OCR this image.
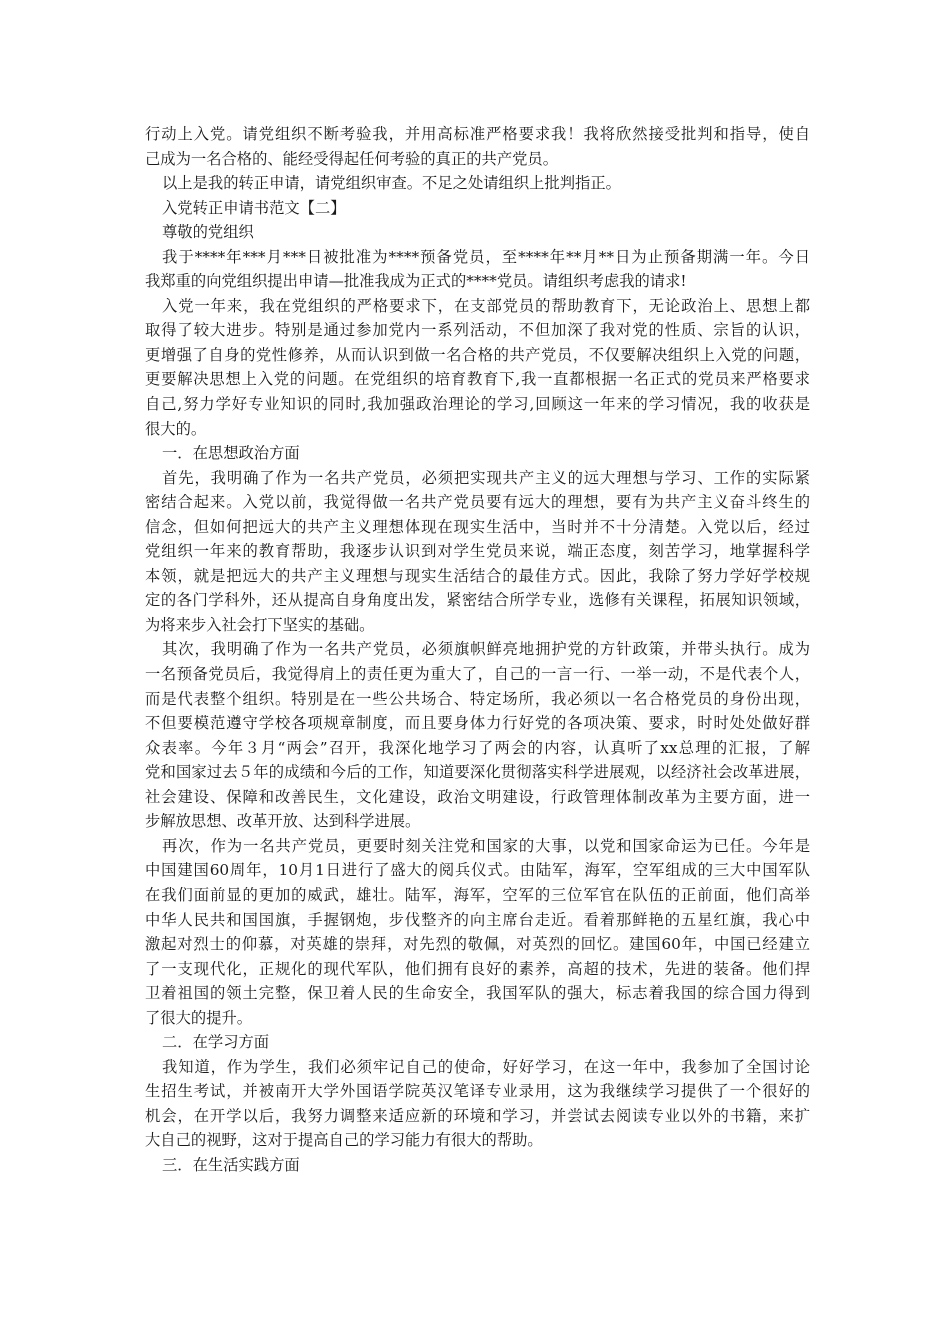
行动上入党。请党组织不断考验我，并用高标准严格要求我！我将欣然接受批判和指导，使自
己成为一名合格的、能经受得起任何考验的真正的共产党员。
以上是我的转正申请，请党组织审查。不足之处请组织上批判指正。
入党转正申请书范文【二】
尊敬的党组织
我于****年***月***日被批准为****预备党员，至****年**月**日为止预备期满一年。今日
我郑重的向党组织提出申请—批准我成为正式的****党员。请组织考虑我的请求!
入党一年来，我在党组织的严格要求下，在支部党员的帮助教育下，无论政治上、思想上都
取得了较大进步。特别是通过参加党内一系列活动，不但加深了我对党的性质、宗旨的认识，
更增强了自身的党性修养，从而认识到做一名合格的共产党员，不仅要解决组织上入党的问题，
更要解决思想上入党的问题。在党组织的培育教育下,我一直都根据一名正式的党员来严格要求
自己,努力学好专业知识的同时,我加强政治理论的学习,回顾这一年来的学习情况，我的收获是
很大的。
一．在思想政治方面
首先，我明确了作为一名共产党员，必须把实现共产主义的远大理想与学习、工作的实际紧
密结合起来。入党以前，我觉得做一名共产党员要有远大的理想，要有为共产主义奋斗终生的
信念，但如何把远大的共产主义理想体现在现实生活中，当时并不十分清楚。入党以后，经过
党组织一年来的教育帮助，我逐步认识到对学生党员来说，端正态度，刻苦学习，地掌握科学
本领，就是把远大的共产主义理想与现实生活结合的最佳方式。因此，我除了努力学好学校规
定的各门学科外，还从提高自身角度出发，紧密结合所学专业，选修有关课程，拓展知识领域，
为将来步入社会打下坚实的基础。
其次，我明确了作为一名共产党员，必须旗帜鲜亮地拥护党的方针政策，并带头执行。成为
一名预备党员后，我觉得肩上的责任更为重大了，自己的一言一行、一举一动，不是代表个人，
而是代表整个组织。特别是在一些公共场合、特定场所，我必须以一名合格党员的身份出现，
不但要模范遵守学校各项规章制度，而且要身体力行好党的各项决策、要求，时时处处做好群
众表率。今年３月“两会”召开，我深化地学习了两会的内容，认真听了xx总理的汇报，了解
党和国家过去５年的成绩和今后的工作，知道要深化贯彻落实科学进展观，以经济社会改革进展，
社会建设、保障和改善民生，文化建设，政治文明建设，行政管理体制改革为主要方面，进一
步解放思想、改革开放、达到科学进展。
再次，作为一名共产党员，更要时刻关注党和国家的大事，以党和国家命运为已任。今年是
中国建国60周年，10月1日进行了盛大的阅兵仪式。由陆军，海军，空军组成的三大中国军队
在我们面前显的更加的威武，雄壮。陆军，海军，空军的三位军官在队伍的正前面，他们高举
中华人民共和国国旗，手握钢炮，步伐整齐的向主席台走近。看着那鲜艳的五星红旗，我心中
激起对烈士的仰慕，对英雄的崇拜，对先烈的敬佩，对英烈的回忆。建国60年，中国已经建立
了一支现代化，正规化的现代军队，他们拥有良好的素养，高超的技术，先进的装备。他们捍
卫着祖国的领土完整，保卫着人民的生命安全，我国军队的强大，标志着我国的综合国力得到
了很大的提升。
二．在学习方面
我知道，作为学生，我们必须牢记自己的使命，好好学习，在这一年中，我参加了全国讨论
生招生考试，并被南开大学外国语学院英汉笔译专业录用，这为我继续学习提供了一个很好的
机会，在开学以后，我努力调整来适应新的环境和学习，并尝试去阅读专业以外的书籍，来扩
大自己的视野，这对于提高自己的学习能力有很大的帮助。
三．在生活实践方面
